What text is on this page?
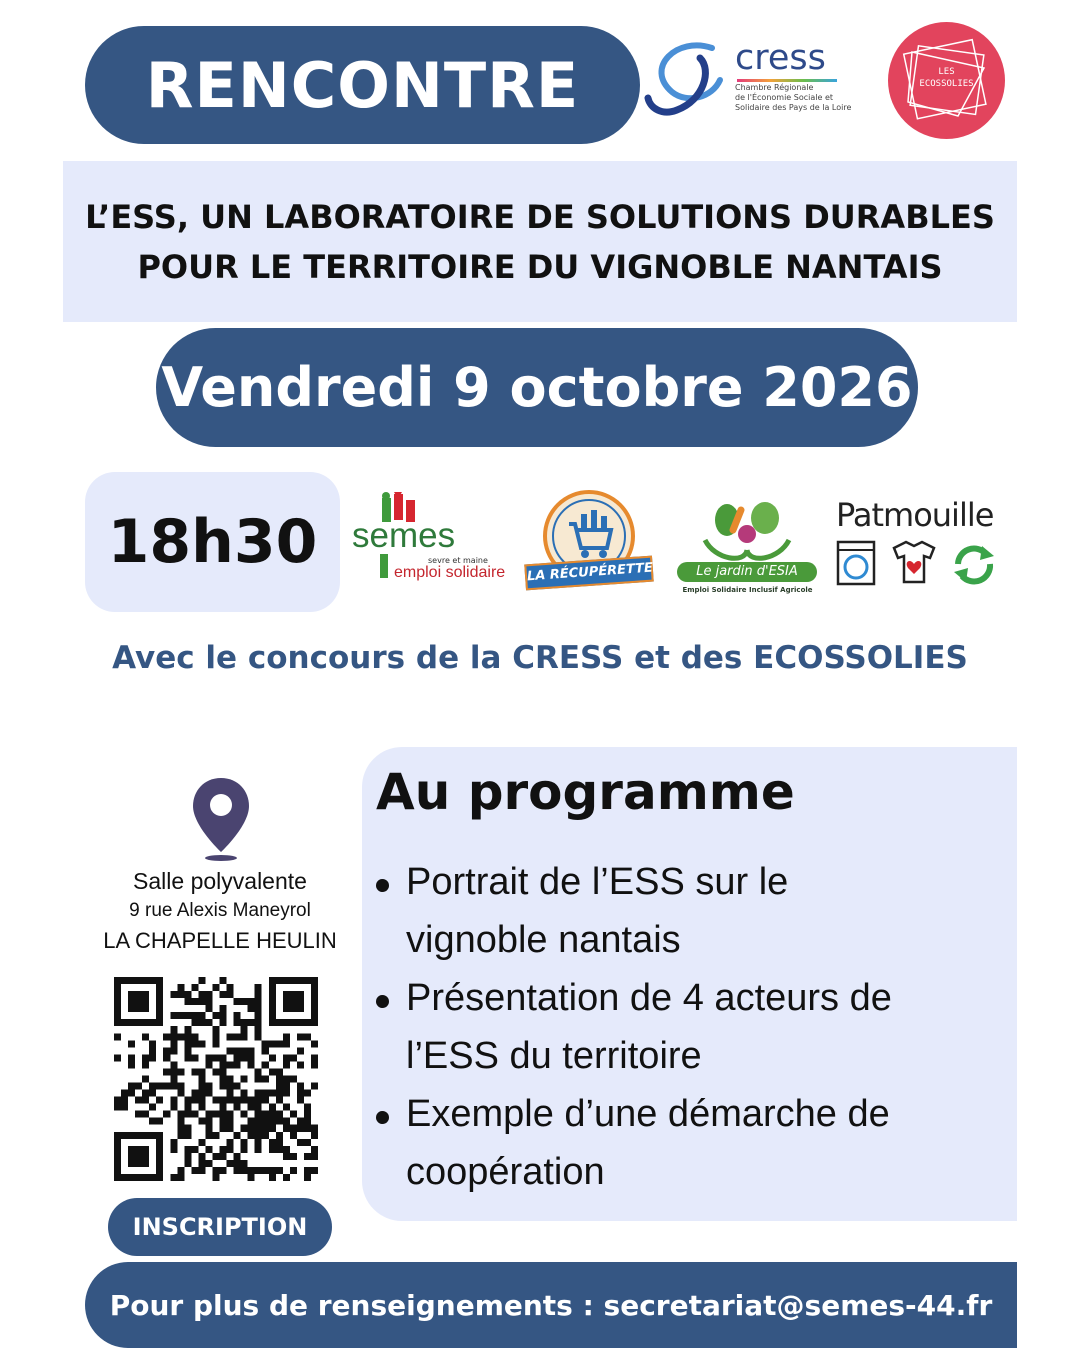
RENCONTRE	cress
Chambre Régionale
de l'Économie Sociale et
Solidaire des Pays de la Loire
LES
ECOSSOLIES
L’ESS, UN LABORATOIRE DE SOLUTIONS DURABLES
POUR LE TERRITOIRE DU VIGNOBLE NANTAIS
Vendredi 9 octobre 2026
18h30 semes
sevre et maine
emploi solidaire LA RÉCUPÉRETTE	Le jardin d'ESIA
Emploi Solidaire Inclusif Agricole
Patmouille
Avec le concours de la CRESS et des ECOSSOLIES
Salle polyvalente
9 rue Alexis Maneyrol
LA CHAPELLE HEULIN
INSCRIPTION
Au programme
Portrait de l’ESS sur le
vignoble nantais
Présentation de 4 acteurs de
l’ESS du territoire
Exemple d’une démarche de
coopération
Pour plus de renseignements : secretariat@semes-44.fr
